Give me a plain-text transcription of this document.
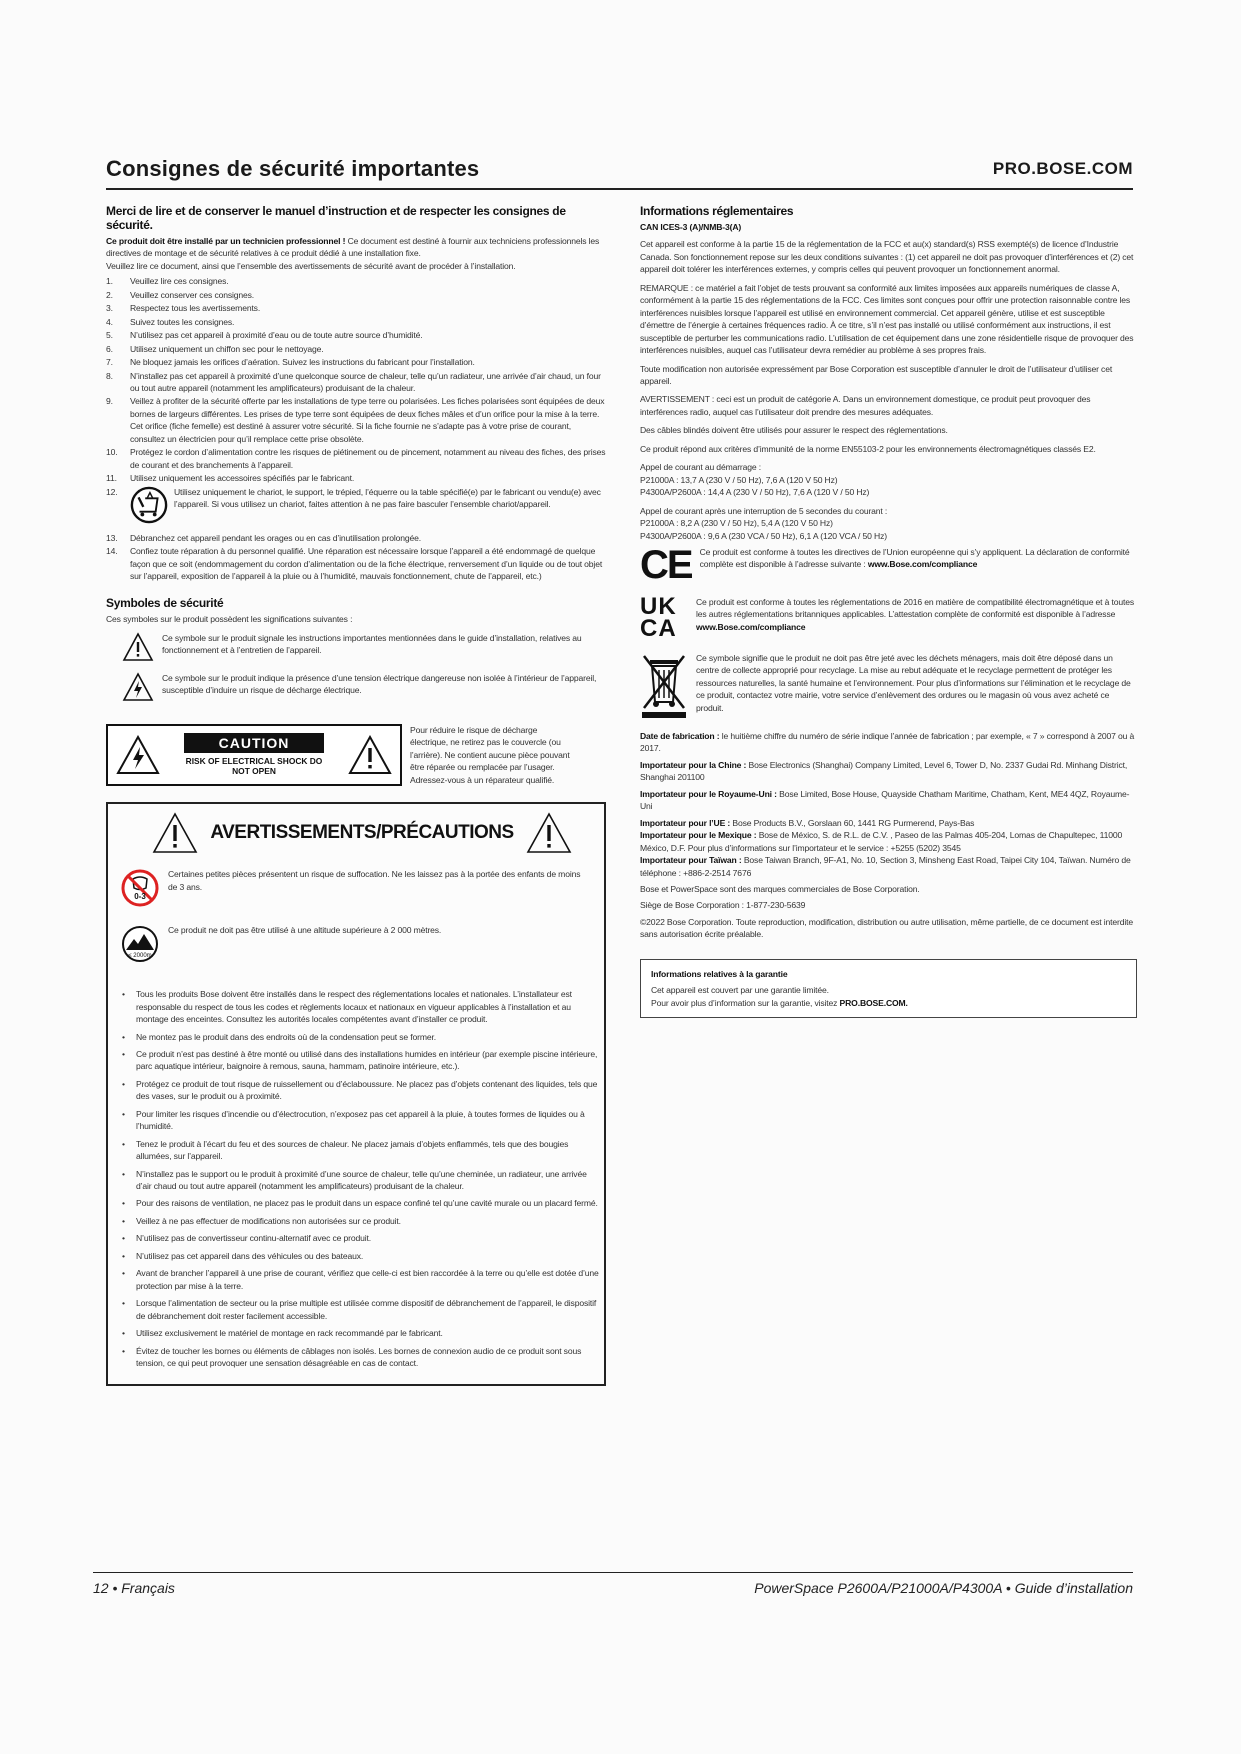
Consignes de sécurité importantes	PRO.BOSE.COM
Merci de lire et de conserver le manuel d’instruction et de respecter les consignes de sécurité.

Ce produit doit être installé par un technicien professionnel ! Ce document est destiné à fournir aux techniciens professionnels les directives de montage et de sécurité relatives à ce produit dédié à une installation fixe.

Veuillez lire ce document, ainsi que l’ensemble des avertissements de sécurité avant de procéder à l’installation.

1.	Veuillez lire ces consignes.
2.	Veuillez conserver ces consignes.
3.	Respectez tous les avertissements.
4.	Suivez toutes les consignes.
5.	N’utilisez pas cet appareil à proximité d’eau ou de toute autre source d’humidité.
6.	Utilisez uniquement un chiffon sec pour le nettoyage.
7.	Ne bloquez jamais les orifices d’aération. Suivez les instructions du fabricant pour l’installation.
8.	N’installez pas cet appareil à proximité d’une quelconque source de chaleur, telle qu’un radiateur, une arrivée d’air chaud, un four ou tout autre appareil (notamment les amplificateurs) produisant de la chaleur.
9.	Veillez à profiter de la sécurité offerte par les installations de type terre ou polarisées. Les fiches polarisées sont équipées de deux bornes de largeurs différentes. Les prises de type terre sont équipées de deux fiches mâles et d’un orifice pour la mise à la terre. Cet orifice (fiche femelle) est destiné à assurer votre sécurité. Si la fiche fournie ne s’adapte pas à votre prise de courant, consultez un électricien pour qu’il remplace cette prise obsolète.
10.	Protégez le cordon d’alimentation contre les risques de piétinement ou de pincement, notamment au niveau des fiches, des prises de courant et des branchements à l’appareil.
11.	Utilisez uniquement les accessoires spécifiés par le fabricant.
12.	Utilisez uniquement le chariot, le support, le trépied, l’équerre ou la table spécifié(e) par le fabricant ou vendu(e) avec l’appareil. Si vous utilisez un chariot, faites attention à ne pas faire basculer l’ensemble chariot/appareil.
13.	Débranchez cet appareil pendant les orages ou en cas d’inutilisation prolongée.
14.	Confiez toute réparation à du personnel qualifié. Une réparation est nécessaire lorsque l’appareil a été endommagé de quelque façon que ce soit (endommagement du cordon d’alimentation ou de la fiche électrique, renversement d’un liquide ou de tout objet sur l’appareil, exposition de l’appareil à la pluie ou à l’humidité, mauvais fonctionnement, chute de l’appareil, etc.)
Symboles de sécurité

Ces symboles sur le produit possèdent les significations suivantes :

Ce symbole sur le produit signale les instructions importantes mentionnées dans le guide d’installation, relatives au fonctionnement et à l’entretien de l’appareil.

Ce symbole sur le produit indique la présence d’une tension électrique dangereuse non isolée à l’intérieur de l’appareil, susceptible d’induire un risque de décharge électrique.

CAUTION
RISK OF ELECTRICAL SHOCK DO NOT OPEN

Pour réduire le risque de décharge électrique, ne retirez pas le couvercle (ou l’arrière). Ne contient aucune pièce pouvant être réparée ou remplacée par l’usager. Adressez-vous à un réparateur qualifié.

AVERTISSEMENTS/PRÉCAUTIONS
0-3

Certaines petites pièces présentent un risque de suffocation. Ne les laissez pas à la portée des enfants de moins de 3 ans.

≤ 2000m

Ce produit ne doit pas être utilisé à une altitude supérieure à 2 000 mètres.

•	Tous les produits Bose doivent être installés dans le respect des réglementations locales et nationales. L’installateur est responsable du respect de tous les codes et règlements locaux et nationaux en vigueur applicables à l’installation et au montage des enceintes. Consultez les autorités locales compétentes avant d’installer ce produit.
•	Ne montez pas le produit dans des endroits où de la condensation peut se former.
•	Ce produit n’est pas destiné à être monté ou utilisé dans des installations humides en intérieur (par exemple piscine intérieure, parc aquatique intérieur, baignoire à remous, sauna, hammam, patinoire intérieure, etc.).
•	Protégez ce produit de tout risque de ruissellement ou d’éclaboussure. Ne placez pas d’objets contenant des liquides, tels que des vases, sur le produit ou à proximité.
•	Pour limiter les risques d’incendie ou d’électrocution, n’exposez pas cet appareil à la pluie, à toutes formes de liquides ou à l’humidité.
•	Tenez le produit à l’écart du feu et des sources de chaleur. Ne placez jamais d’objets enflammés, tels que des bougies allumées, sur l’appareil.
•	N’installez pas le support ou le produit à proximité d’une source de chaleur, telle qu’une cheminée, un radiateur, une arrivée d’air chaud ou tout autre appareil (notamment les amplificateurs) produisant de la chaleur.
•	Pour des raisons de ventilation, ne placez pas le produit dans un espace confiné tel qu’une cavité murale ou un placard fermé.
•	Veillez à ne pas effectuer de modifications non autorisées sur ce produit.
•	N’utilisez pas de convertisseur continu-alternatif avec ce produit.
•	N’utilisez pas cet appareil dans des véhicules ou des bateaux.
•	Avant de brancher l’appareil à une prise de courant, vérifiez que celle-ci est bien raccordée à la terre ou qu’elle est dotée d’une protection par mise à la terre.
•	Lorsque l’alimentation de secteur ou la prise multiple est utilisée comme dispositif de débranchement de l’appareil, le dispositif de débranchement doit rester facilement accessible.
•	Utilisez exclusivement le matériel de montage en rack recommandé par le fabricant.
•	Évitez de toucher les bornes ou éléments de câblages non isolés. Les bornes de connexion audio de ce produit sont sous tension, ce qui peut provoquer une sensation désagréable en cas de contact.
Informations réglementaires

CAN ICES-3 (A)/NMB-3(A)

Cet appareil est conforme à la partie 15 de la réglementation de la FCC et au(x) standard(s) RSS exempté(s) de licence d’Industrie Canada. Son fonctionnement repose sur les deux conditions suivantes : (1) cet appareil ne doit pas provoquer d’interférences et (2) cet appareil doit tolérer les interférences externes, y compris celles qui peuvent provoquer un fonctionnement anormal.

REMARQUE : ce matériel a fait l’objet de tests prouvant sa conformité aux limites imposées aux appareils numériques de classe A, conformément à la partie 15 des réglementations de la FCC. Ces limites sont conçues pour offrir une protection raisonnable contre les interférences nuisibles lorsque l’appareil est utilisé en environnement commercial. Cet appareil génère, utilise et est susceptible d’émettre de l’énergie à certaines fréquences radio. À ce titre, s’il n’est pas installé ou utilisé conformément aux instructions, il est susceptible de perturber les communications radio. L’utilisation de cet équipement dans une zone résidentielle risque de provoquer des interférences nuisibles, auquel cas l’utilisateur devra remédier au problème à ses propres frais.

Toute modification non autorisée expressément par Bose Corporation est susceptible d’annuler le droit de l’utilisateur d’utiliser cet appareil.

AVERTISSEMENT : ceci est un produit de catégorie A. Dans un environnement domestique, ce produit peut provoquer des interférences radio, auquel cas l’utilisateur doit prendre des mesures adéquates.

Des câbles blindés doivent être utilisés pour assurer le respect des réglementations.

Ce produit répond aux critères d’immunité de la norme EN55103-2 pour les environnements électromagnétiques classés E2.

Appel de courant au démarrage :
P21000A : 13,7 A (230 V / 50 Hz), 7,6 A (120 V 50 Hz)
P4300A/P2600A : 14,4 A (230 V / 50 Hz), 7,6 A (120 V / 50 Hz)
Appel de courant après une interruption de 5 secondes du courant :
P21000A : 8,2 A (230 V / 50 Hz), 5,4 A (120 V 50 Hz)
P4300A/P2600A : 9,6 A (230 VCA / 50 Hz), 6,1 A (120 VCA / 50 Hz)
CE Ce produit est conforme à toutes les directives de l’Union européenne qui s’y appliquent. La déclaration de conformité complète est disponible à l’adresse suivante : www.Bose.com/compliance

UKCA

Ce produit est conforme à toutes les réglementations de 2016 en matière de compatibilité électromagnétique et à toutes les autres réglementations britanniques applicables. L’attestation complète de conformité est disponible à l’adresse www.Bose.com/compliance

Ce symbole signifie que le produit ne doit pas être jeté avec les déchets ménagers, mais doit être déposé dans un centre de collecte approprié pour recyclage. La mise au rebut adéquate et le recyclage permettent de protéger les ressources naturelles, la santé humaine et l’environnement. Pour plus d’informations sur l’élimination et le recyclage de ce produit, contactez votre mairie, votre service d’enlèvement des ordures ou le magasin où vous avez acheté ce produit.

Date de fabrication : le huitième chiffre du numéro de série indique l’année de fabrication ; par exemple, « 7 » correspond à 2007 ou à 2017.

Importateur pour la Chine : Bose Electronics (Shanghai) Company Limited, Level 6, Tower D, No. 2337 Gudai Rd. Minhang District, Shanghai 201100

Importateur pour le Royaume-Uni : Bose Limited, Bose House, Quayside Chatham Maritime, Chatham, Kent, ME4 4QZ, Royaume-Uni

Importateur pour l’UE : Bose Products B.V., Gorslaan 60, 1441 RG Purmerend, Pays-Bas

Importateur pour le Mexique : Bose de México, S. de R.L. de C.V. , Paseo de las Palmas 405-204, Lomas de Chapultepec, 11000 México, D.F. Pour plus d’informations sur l’importateur et le service : +5255 (5202) 3545

Importateur pour Taïwan : Bose Taiwan Branch, 9F-A1, No. 10, Section 3, Minsheng East Road, Taipei City 104, Taïwan. Numéro de téléphone : +886-2-2514 7676

Bose et PowerSpace sont des marques commerciales de Bose Corporation.

Siège de Bose Corporation : 1-877-230-5639

©2022 Bose Corporation. Toute reproduction, modification, distribution ou autre utilisation, même partielle, de ce document est interdite sans autorisation écrite préalable.

Informations relatives à la garantie
Cet appareil est couvert par une garantie limitée.
Pour avoir plus d’information sur la garantie, visitez PRO.BOSE.COM.
12 • Français	PowerSpace P2600A/P21000A/P4300A • Guide d’installation
